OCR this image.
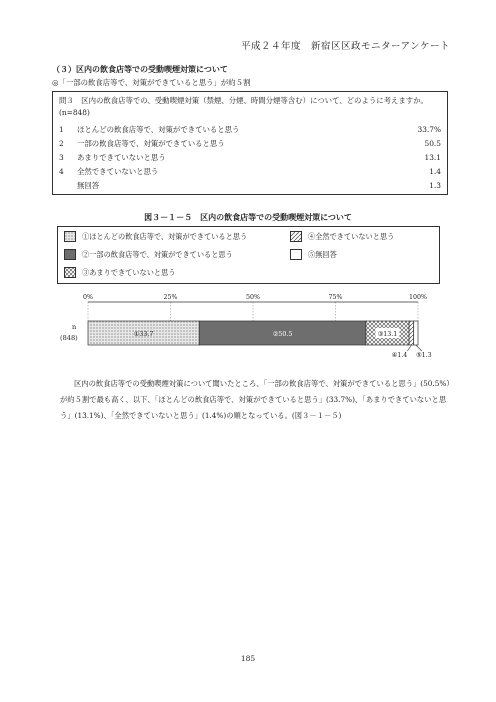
平成２４年度　新宿区区政モニターアンケート
（３）区内の飲食店等での受動喫煙対策について
◎「一部の飲食店等で、対策ができていると思う」が約５割
問３　区内の飲食店等での、受動喫煙対策（禁煙、分煙、時間分煙等含む）について、どのように考えますか。(n=848)
1	ほとんどの飲食店等で、対策ができていると思う	33.7%
2	一部の飲食店等で、対策ができていると思う	50.5
3	あまりできていないと思う	13.1
4	全然できていないと思う	1.4
無回答	1.3
図３－１－５　区内の飲食店等での受動喫煙対策について
①ほとんどの飲食店等で、対策ができていると思う	④全然できていないと思う
②一部の飲食店等で、対策ができていると思う	⑤無回答
③あまりできていないと思う
0%	25%	50%	75%	100%
n
(848)	①33.7	②50.5	③13.1
④1.4 ⑤1.3
区内の飲食店等での受動喫煙対策について聞いたところ、「一部の飲食店等で、対策ができていると思う」(50.5%）が約５割で最も高く、以下、「ほとんどの飲食店等で、対策ができていると思う」(33.7%)、「あまりできていないと思う」(13.1%)、「全然できていないと思う」(1.4%)の順となっている。(図３－１－５)
185
